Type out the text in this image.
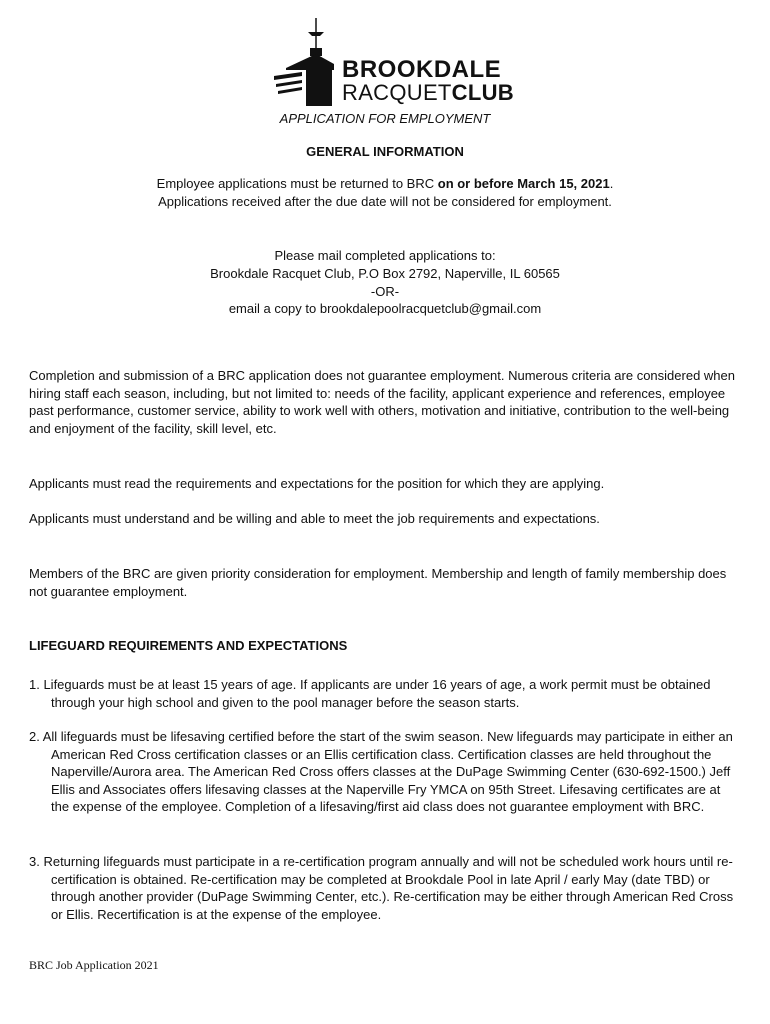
BROOKDALE
RACQUETCLUB
APPLICATION FOR EMPLOYMENT
GENERAL INFORMATION
Employee applications must be returned to BRC on or before March 15, 2021.
Applications received after the due date will not be considered for employment.
Please mail completed applications to:
Brookdale Racquet Club, P.O Box 2792, Naperville, IL 60565
-OR-
email a copy to brookdalepoolracquetclub@gmail.com
Completion and submission of a BRC application does not guarantee employment. Numerous criteria are considered when hiring staff each season, including, but not limited to: needs of the facility, applicant experience and references, employee past performance, customer service, ability to work well with others, motivation and initiative, contribution to the well-being and enjoyment of the facility, skill level, etc.
Applicants must read the requirements and expectations for the position for which they are applying.
Applicants must understand and be willing and able to meet the job requirements and expectations.
Members of the BRC are given priority consideration for employment. Membership and length of family membership does not guarantee employment.
LIFEGUARD REQUIREMENTS AND EXPECTATIONS
1. Lifeguards must be at least 15 years of age. If applicants are under 16 years of age, a work permit must be obtained through your high school and given to the pool manager before the season starts.
2. All lifeguards must be lifesaving certified before the start of the swim season. New lifeguards may participate in either an American Red Cross certification classes or an Ellis certification class. Certification classes are held throughout the Naperville/Aurora area. The American Red Cross offers classes at the DuPage Swimming Center (630-692-1500.) Jeff Ellis and Associates offers lifesaving classes at the Naperville Fry YMCA on 95th Street. Lifesaving certificates are at the expense of the employee. Completion of a lifesaving/first aid class does not guarantee employment with BRC.
3. Returning lifeguards must participate in a re-certification program annually and will not be scheduled work hours until re-certification is obtained. Re-certification may be completed at Brookdale Pool in late April / early May (date TBD) or through another provider (DuPage Swimming Center, etc.). Re-certification may be either through American Red Cross or Ellis. Recertification is at the expense of the employee.
BRC Job Application 2021
